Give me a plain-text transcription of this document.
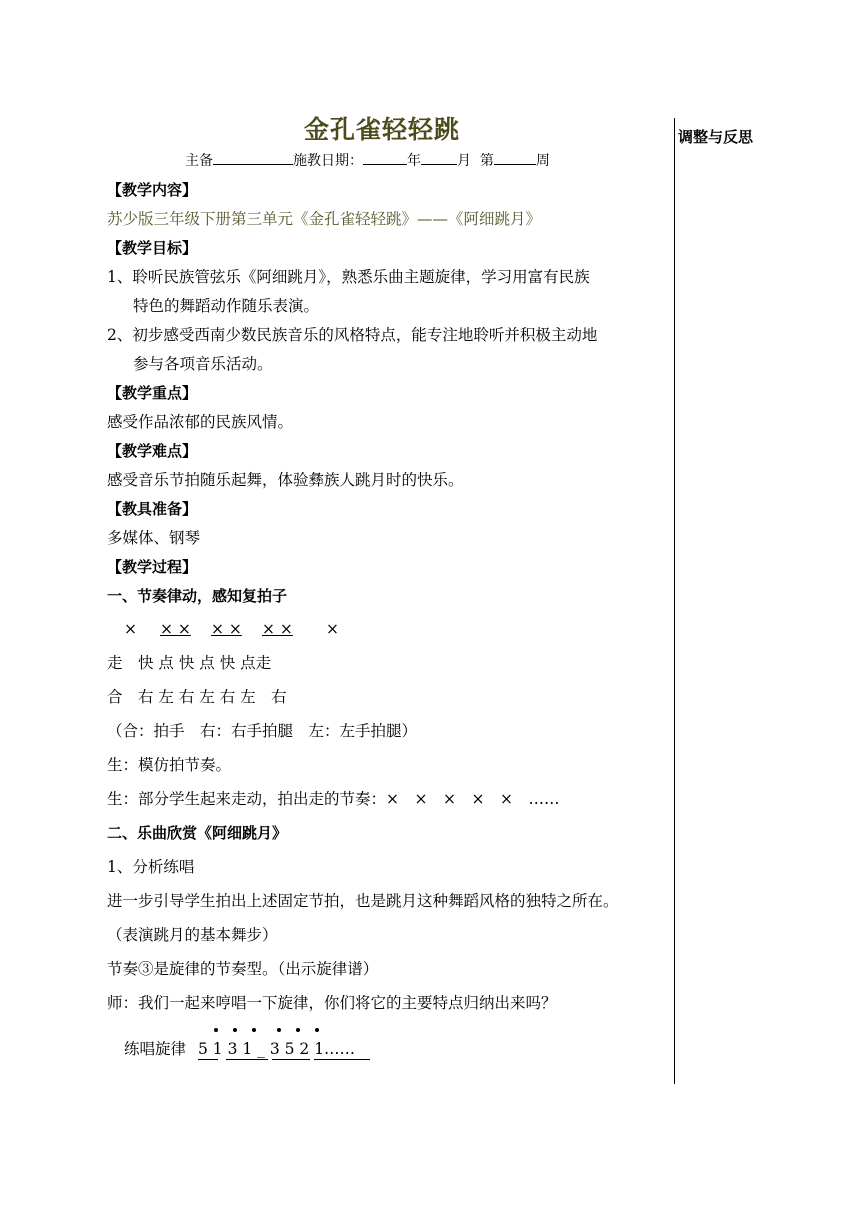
金孔雀轻轻跳	调整与反思
主备	施教日期：	年	月 第	周
【教学内容】
苏少版三年级下册第三单元《金孔雀轻轻跳》——《阿细跳月》
【教学目标】
1、聆听民族管弦乐《阿细跳月》，熟悉乐曲主题旋律，学习用富有民族
特色的舞蹈动作随乐表演。
2、初步感受西南少数民族音乐的风格特点，能专注地聆听并积极主动地
参与各项音乐活动。
【教学重点】
感受作品浓郁的民族风情。
【教学难点】
感受音乐节拍随乐起舞，体验彝族人跳月时的快乐。
【教具准备】
多媒体、钢琴
【教学过程】
一、节奏律动，感知复拍子
× × × × × × × ×
走　快 点 快 点 快 点走
合　右 左 右 左 右 左　右
（合：拍手　右：右手拍腿　左：左手拍腿）
生：模仿拍节奏。
生：部分学生起来走动，拍出走的节奏：×　×　×　×　×　……
二、乐曲欣赏《阿细跳月》
1、分析练唱
进一步引导学生拍出上述固定节拍，也是跳月这种舞蹈风格的独特之所在。
（表演跳月的基本舞步）
节奏③是旋律的节奏型。（出示旋律谱）
师：我们一起来哼唱一下旋律，你们将它的主要特点归纳出来吗？
练唱旋律 5 1 3 1 _ 3 5 2 1……
